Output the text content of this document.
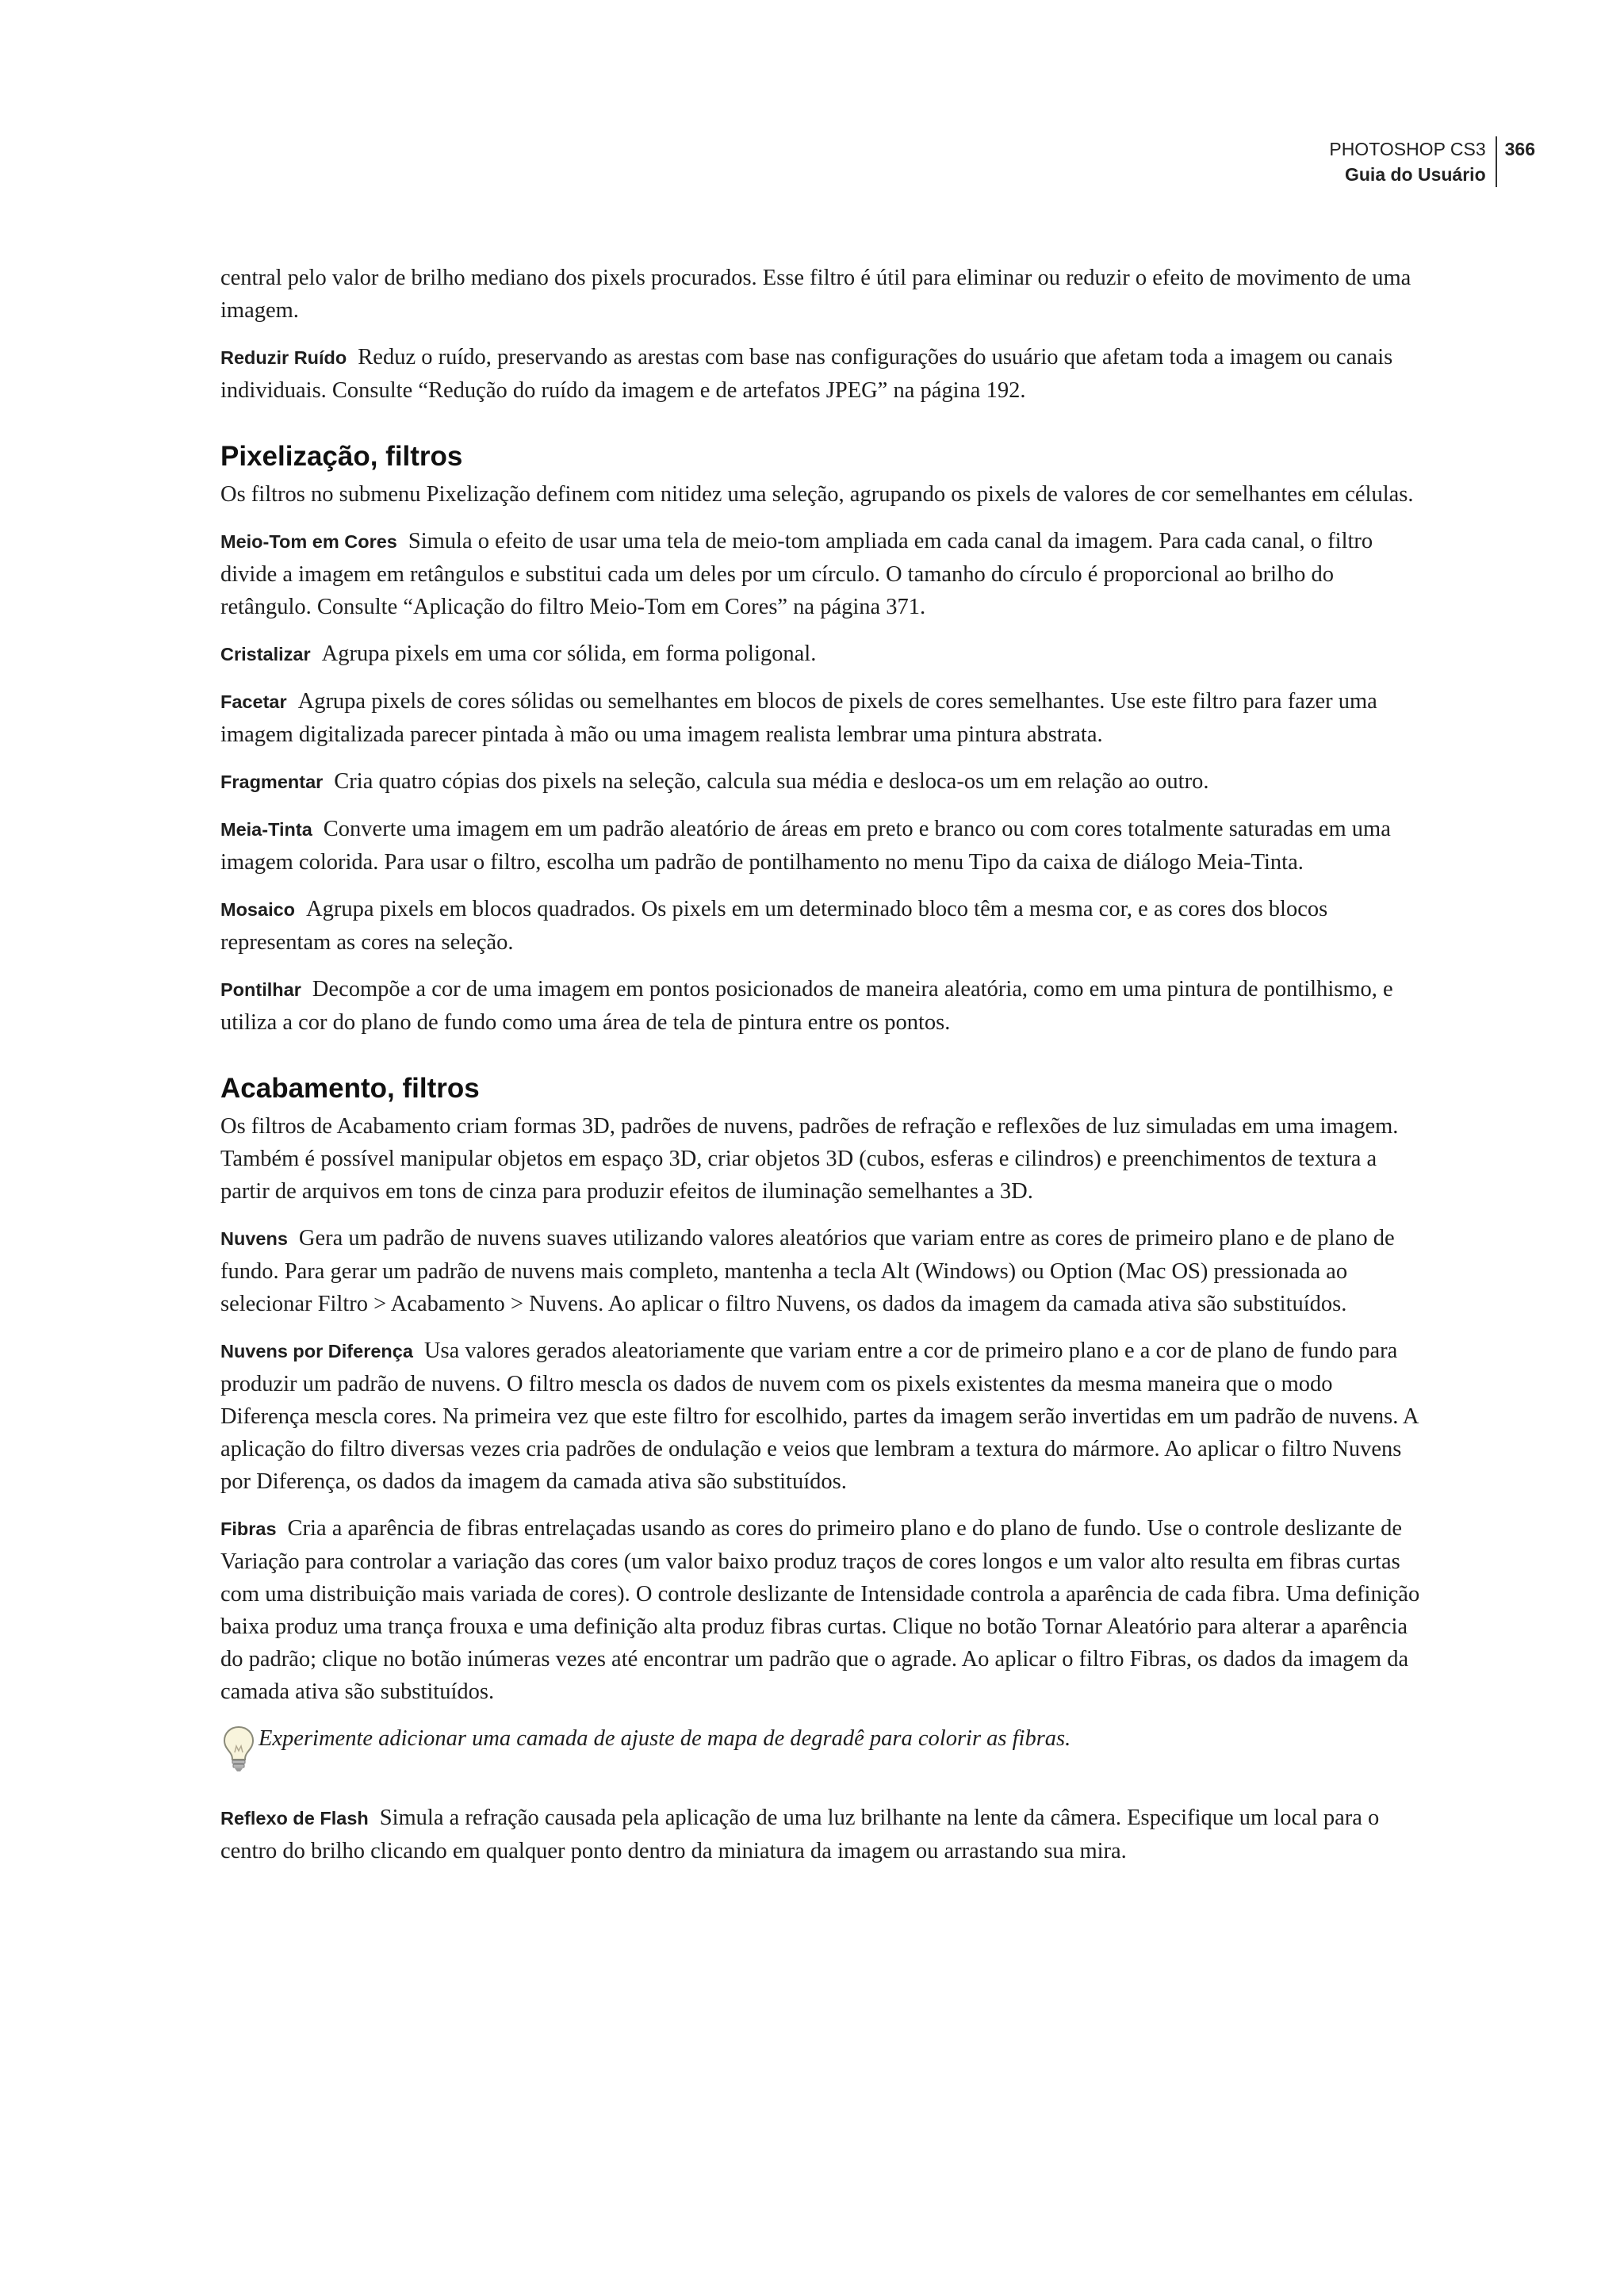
PHOTOSHOP CS3
Guia do Usuário
366

central pelo valor de brilho mediano dos pixels procurados. Esse filtro é útil para eliminar ou reduzir o efeito de movimento de uma imagem.

Reduzir Ruído Reduz o ruído, preservando as arestas com base nas configurações do usuário que afetam toda a imagem ou canais individuais. Consulte “Redução do ruído da imagem e de artefatos JPEG” na página 192.

Pixelização, filtros

Os filtros no submenu Pixelização definem com nitidez uma seleção, agrupando os pixels de valores de cor semelhantes em células.

Meio-Tom em Cores Simula o efeito de usar uma tela de meio-tom ampliada em cada canal da imagem. Para cada canal, o filtro divide a imagem em retângulos e substitui cada um deles por um círculo. O tamanho do círculo é proporcional ao brilho do retângulo. Consulte “Aplicação do filtro Meio-Tom em Cores” na página 371.

Cristalizar Agrupa pixels em uma cor sólida, em forma poligonal.

Facetar Agrupa pixels de cores sólidas ou semelhantes em blocos de pixels de cores semelhantes. Use este filtro para fazer uma imagem digitalizada parecer pintada à mão ou uma imagem realista lembrar uma pintura abstrata.

Fragmentar Cria quatro cópias dos pixels na seleção, calcula sua média e desloca-os um em relação ao outro.

Meia-Tinta Converte uma imagem em um padrão aleatório de áreas em preto e branco ou com cores totalmente saturadas em uma imagem colorida. Para usar o filtro, escolha um padrão de pontilhamento no menu Tipo da caixa de diálogo Meia-Tinta.

Mosaico Agrupa pixels em blocos quadrados. Os pixels em um determinado bloco têm a mesma cor, e as cores dos blocos representam as cores na seleção.

Pontilhar Decompõe a cor de uma imagem em pontos posicionados de maneira aleatória, como em uma pintura de pontilhismo, e utiliza a cor do plano de fundo como uma área de tela de pintura entre os pontos.

Acabamento, filtros

Os filtros de Acabamento criam formas 3D, padrões de nuvens, padrões de refração e reflexões de luz simuladas em uma imagem. Também é possível manipular objetos em espaço 3D, criar objetos 3D (cubos, esferas e cilindros) e preenchimentos de textura a partir de arquivos em tons de cinza para produzir efeitos de iluminação semelhantes a 3D.

Nuvens Gera um padrão de nuvens suaves utilizando valores aleatórios que variam entre as cores de primeiro plano e de plano de fundo. Para gerar um padrão de nuvens mais completo, mantenha a tecla Alt (Windows) ou Option (Mac OS) pressionada ao selecionar Filtro > Acabamento > Nuvens. Ao aplicar o filtro Nuvens, os dados da imagem da camada ativa são substituídos.

Nuvens por Diferença Usa valores gerados aleatoriamente que variam entre a cor de primeiro plano e a cor de plano de fundo para produzir um padrão de nuvens. O filtro mescla os dados de nuvem com os pixels existentes da mesma maneira que o modo Diferença mescla cores. Na primeira vez que este filtro for escolhido, partes da imagem serão invertidas em um padrão de nuvens. A aplicação do filtro diversas vezes cria padrões de ondulação e veios que lembram a textura do mármore. Ao aplicar o filtro Nuvens por Diferença, os dados da imagem da camada ativa são substituídos.

Fibras Cria a aparência de fibras entrelaçadas usando as cores do primeiro plano e do plano de fundo. Use o controle deslizante de Variação para controlar a variação das cores (um valor baixo produz traços de cores longos e um valor alto resulta em fibras curtas com uma distribuição mais variada de cores). O controle deslizante de Intensidade controla a aparência de cada fibra. Uma definição baixa produz uma trança frouxa e uma definição alta produz fibras curtas. Clique no botão Tornar Aleatório para alterar a aparência do padrão; clique no botão inúmeras vezes até encontrar um padrão que o agrade. Ao aplicar o filtro Fibras, os dados da imagem da camada ativa são substituídos.

Experimente adicionar uma camada de ajuste de mapa de degradê para colorir as fibras.

Reflexo de Flash Simula a refração causada pela aplicação de uma luz brilhante na lente da câmera. Especifique um local para o centro do brilho clicando em qualquer ponto dentro da miniatura da imagem ou arrastando sua mira.
